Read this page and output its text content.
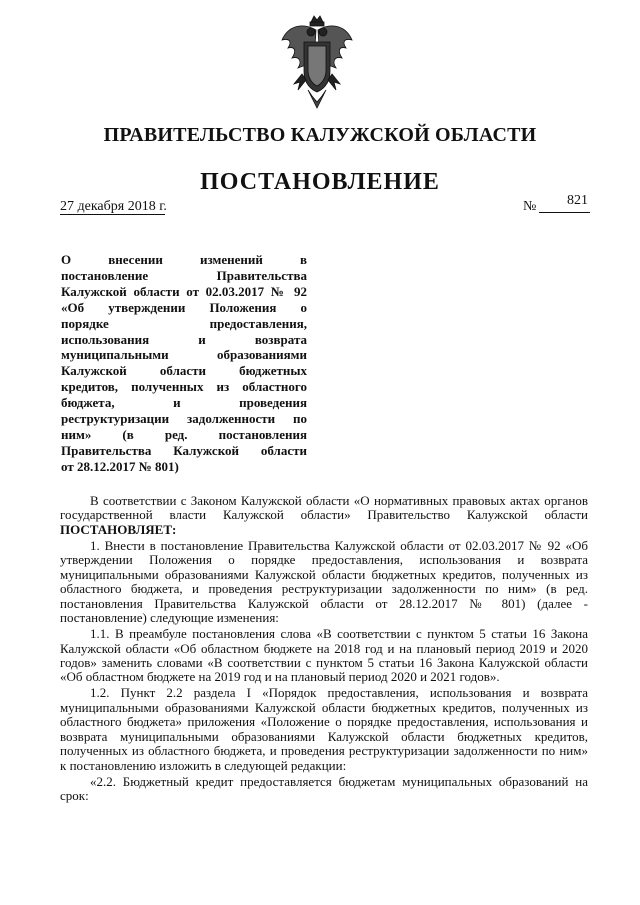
ПРАВИТЕЛЬСТВО КАЛУЖСКОЙ ОБЛАСТИ
ПОСТАНОВЛЕНИЕ
27 декабря 2018 г.	№ 821
О внесении изменений в
постановление Правительства
Калужской области от 02.03.2017 № 92
«Об утверждении Положения о
порядке предоставления,
использования и возврата
муниципальными образованиями
Калужской области бюджетных
кредитов, полученных из областного
бюджета, и проведения
реструктуризации задолженности по
ним» (в ред. постановления
Правительства Калужской области
от 28.12.2017 № 801)

В соответствии с Законом Калужской области «О нормативных правовых актах органов государственной власти Калужской области» Правительство Калужской области ПОСТАНОВЛЯЕТ:

1. Внести в постановление Правительства Калужской области от 02.03.2017 № 92 «Об утверждении Положения о порядке предоставления, использования и возврата муниципальными образованиями Калужской области бюджетных кредитов, полученных из областного бюджета, и проведения реструктуризации задолженности по ним» (в ред. постановления Правительства Калужской области от 28.12.2017 № 801) (далее - постановление) следующие изменения:

1.1. В преамбуле постановления слова «В соответствии с пунктом 5 статьи 16 Закона Калужской области «Об областном бюджете на 2018 год и на плановый период 2019 и 2020 годов» заменить словами «В соответствии с пунктом 5 статьи 16 Закона Калужской области «Об областном бюджете на 2019 год и на плановый период 2020 и 2021 годов».

1.2. Пункт 2.2 раздела I «Порядок предоставления, использования и возврата муниципальными образованиями Калужской области бюджетных кредитов, полученных из областного бюджета» приложения «Положение о порядке предоставления, использования и возврата муниципальными образованиями Калужской области бюджетных кредитов, полученных из областного бюджета, и проведения реструктуризации задолженности по ним» к постановлению изложить в следующей редакции:

«2.2. Бюджетный кредит предоставляется бюджетам муниципальных образований на срок:
